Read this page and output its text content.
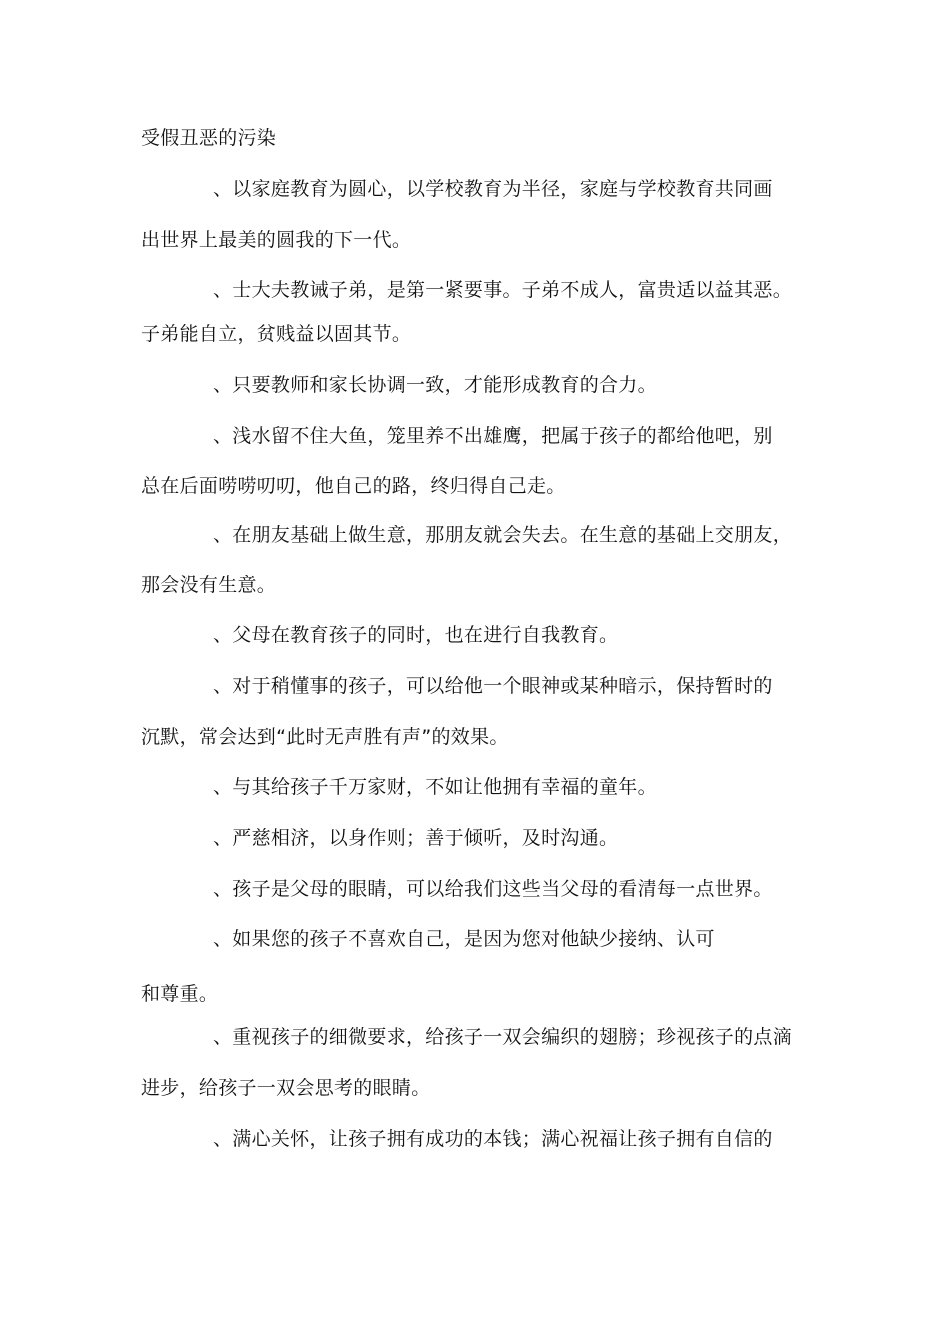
受假丑恶的污染
、以家庭教育为圆心，以学校教育为半径，家庭与学校教育共同画
出世界上最美的圆我的下一代。
、士大夫教诫子弟，是第一紧要事。子弟不成人，富贵适以益其恶。
子弟能自立，贫贱益以固其节。
、只要教师和家长协调一致，才能形成教育的合力。
、浅水留不住大鱼，笼里养不出雄鹰，把属于孩子的都给他吧，别
总在后面唠唠叨叨，他自己的路，终归得自己走。
、在朋友基础上做生意，那朋友就会失去。在生意的基础上交朋友，
那会没有生意。
、父母在教育孩子的同时，也在进行自我教育。
、对于稍懂事的孩子，可以给他一个眼神或某种暗示，保持暂时的
沉默，常会达到“此时无声胜有声”的效果。
、与其给孩子千万家财，不如让他拥有幸福的童年。
、严慈相济，以身作则；善于倾听，及时沟通。
、孩子是父母的眼睛，可以给我们这些当父母的看清每一点世界。
、如果您的孩子不喜欢自己，是因为您对他缺少接纳、认可
和尊重。
、重视孩子的细微要求，给孩子一双会编织的翅膀；珍视孩子的点滴
进步，给孩子一双会思考的眼睛。
、满心关怀，让孩子拥有成功的本钱；满心祝福让孩子拥有自信的
